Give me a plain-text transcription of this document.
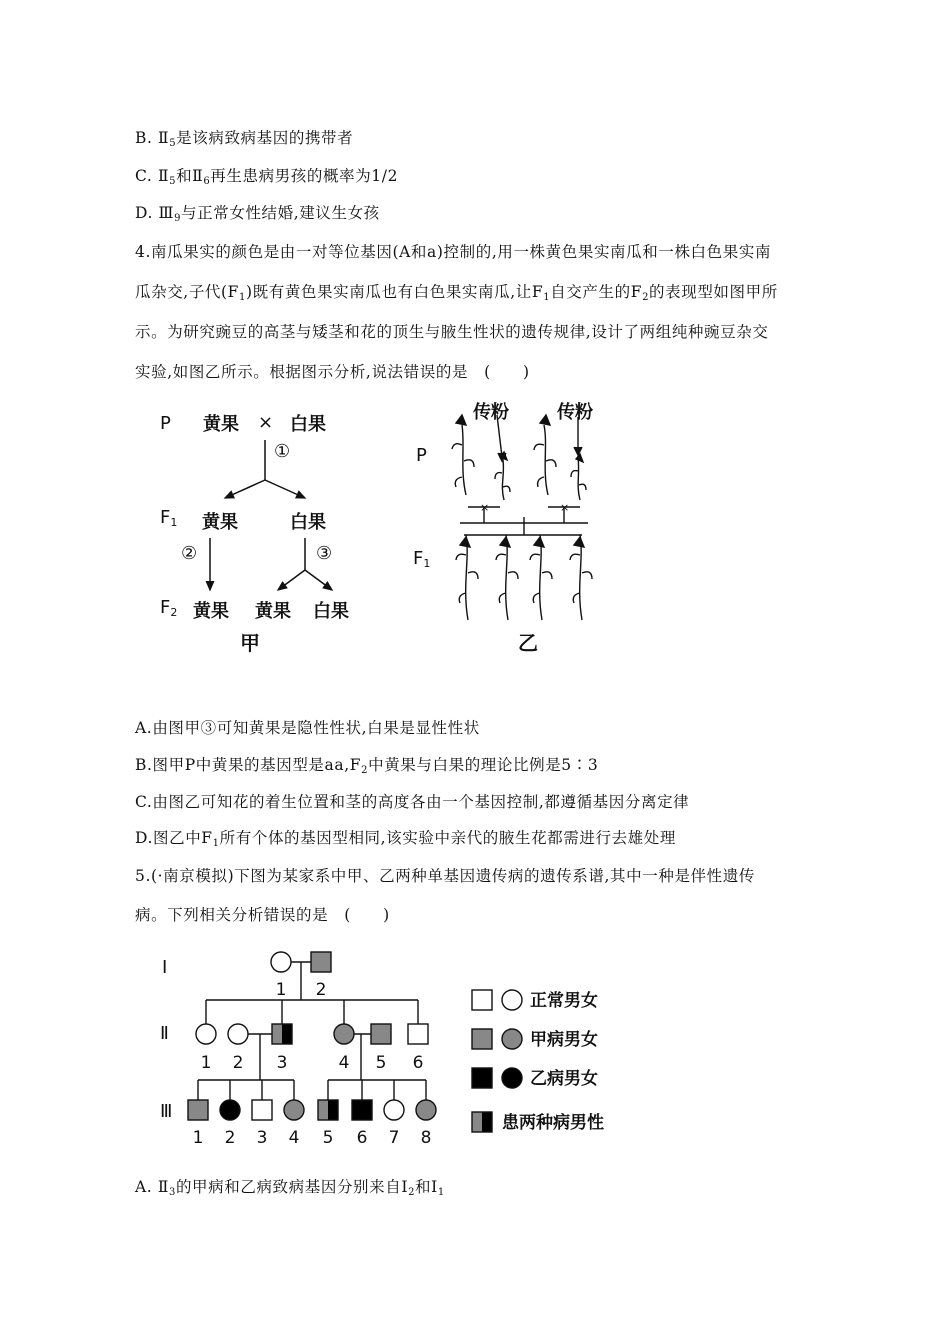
B. $Ⅱ_5$是该病致病基因的携带者
C. $Ⅱ_5$和$Ⅱ_6$再生患病男孩的概率为1/2
D. $Ⅲ_9$与正常女性结婚,建议生女孩
4.南瓜果实的颜色是由一对等位基因(A和a)控制的,用一株黄色果实南瓜和一株白色果实南
瓜杂交,子代$(F_1)$既有黄色果实南瓜也有白色果实南瓜,让$F_1$自交产生的$F_2$的表现型如图甲所
示。为研究豌豆的高茎与矮茎和花的顶生与腋生性状的遗传规律,设计了两组纯种豌豆杂交
实验,如图乙所示。根据图示分析,说法错误的是　(　　)
P 黄果 × 白果
①
$F_1$ 黄果	白果
②	③
$F_2$ 黄果 黄果 白果
甲
传粉	传粉
P
$F_1$
乙
×	×
A.由图甲③可知黄果是隐性性状,白果是显性性状
B.图甲P中黄果的基因型是$aa,F_2$中黄果与白果的理论比例是5∶3
C.由图乙可知花的着生位置和茎的高度各由一个基因控制,都遵循基因分离定律
D.图乙中$F_1$所有个体的基因型相同,该实验中亲代的腋生花都需进行去雄处理
5.(·南京模拟)下图为某家系中甲、乙两种单基因遗传病的遗传系谱,其中一种是伴性遗传
病。下列相关分析错误的是　(　　)
Ⅰ
Ⅱ
Ⅲ
1 2
1 2 3	4 5 6
1 2 3 4 5 6 7 8
正常男女
甲病男女
乙病男女
患两种病男性
A. $Ⅱ_3$的甲病和乙病致病基因分别来自$Ⅰ_2$和$Ⅰ_1$
